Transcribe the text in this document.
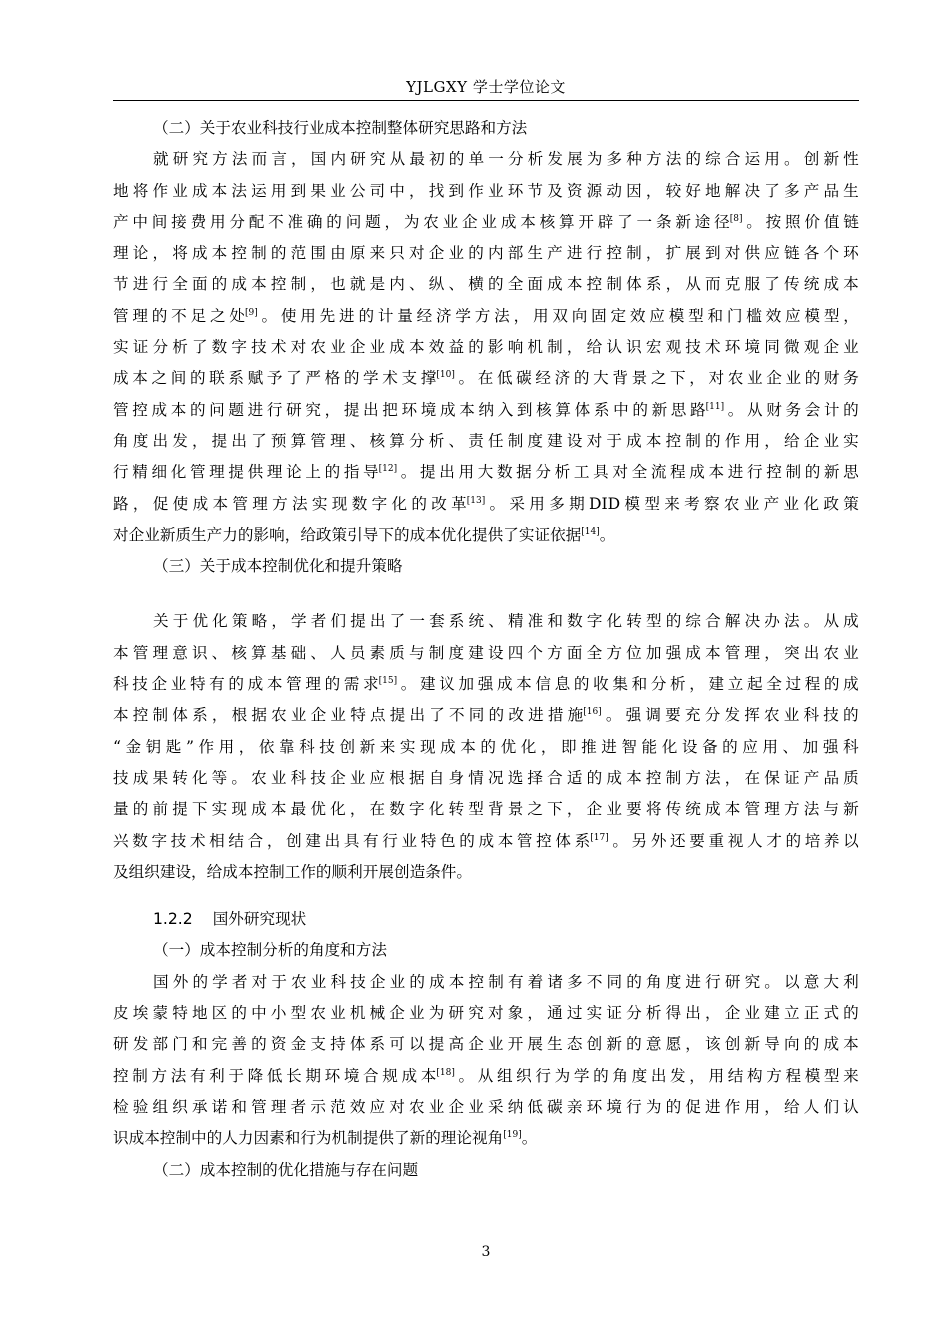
YJLGXY 学士学位论文
（二）关于农业科技行业成本控制整体研究思路和方法
就 研 究 方 法 而 言 ， 国 内 研 究 从 最 初 的 单 一 分 析 发 展 为 多 种 方 法 的 综 合 运 用 。 创 新 性
地 将 作 业 成 本 法 运 用 到 果 业 公 司 中 ， 找 到 作 业 环 节 及 资 源 动 因 ， 较 好 地 解 决 了 多 产 品 生
产 中 间 接 费 用 分 配 不 准 确 的 问 题 ， 为 农 业 企 业 成 本 核 算 开 辟 了 一 条 新 途 径[8] 。 按 照 价 值 链
理 论 ， 将 成 本 控 制 的 范 围 由 原 来 只 对 企 业 的 内 部 生 产 进 行 控 制 ， 扩 展 到 对 供 应 链 各 个 环
节 进 行 全 面 的 成 本 控 制 ， 也 就 是 内 、 纵 、 横 的 全 面 成 本 控 制 体 系 ， 从 而 克 服 了 传 统 成 本
管 理 的 不 足 之 处[9] 。 使 用 先 进 的 计 量 经 济 学 方 法 ， 用 双 向 固 定 效 应 模 型 和 门 槛 效 应 模 型 ，
实 证 分 析 了 数 字 技 术 对 农 业 企 业 成 本 效 益 的 影 响 机 制 ， 给 认 识 宏 观 技 术 环 境 同 微 观 企 业
成 本 之 间 的 联 系 赋 予 了 严 格 的 学 术 支 撑[10] 。 在 低 碳 经 济 的 大 背 景 之 下 ， 对 农 业 企 业 的 财 务
管 控 成 本 的 问 题 进 行 研 究 ， 提 出 把 环 境 成 本 纳 入 到 核 算 体 系 中 的 新 思 路[11] 。 从 财 务 会 计 的
角 度 出 发 ， 提 出 了 预 算 管 理 、 核 算 分 析 、 责 任 制 度 建 设 对 于 成 本 控 制 的 作 用 ， 给 企 业 实
行 精 细 化 管 理 提 供 理 论 上 的 指 导[12] 。 提 出 用 大 数 据 分 析 工 具 对 全 流 程 成 本 进 行 控 制 的 新 思
路 ， 促 使 成 本 管 理 方 法 实 现 数 字 化 的 改 革[13] 。 采 用 多 期 DID 模 型 来 考 察 农 业 产 业 化 政 策
对 企 业 新 质 生 产 力 的 影 响 ， 给 政 策 引 导 下 的 成 本 优 化 提 供 了 实 证 依 据[14] 。
（三）关于成本控制优化和提升策略
关 于 优 化 策 略 ， 学 者 们 提 出 了 一 套 系 统 、 精 准 和 数 字 化 转 型 的 综 合 解 决 办 法 。 从 成
本 管 理 意 识 、 核 算 基 础 、 人 员 素 质 与 制 度 建 设 四 个 方 面 全 方 位 加 强 成 本 管 理 ， 突 出 农 业
科 技 企 业 特 有 的 成 本 管 理 的 需 求[15] 。 建 议 加 强 成 本 信 息 的 收 集 和 分 析 ， 建 立 起 全 过 程 的 成
本 控 制 体 系 ， 根 据 农 业 企 业 特 点 提 出 了 不 同 的 改 进 措 施[16] 。 强 调 要 充 分 发 挥 农 业 科 技 的
“ 金 钥 匙 ” 作 用 ， 依 靠 科 技 创 新 来 实 现 成 本 的 优 化 ， 即 推 进 智 能 化 设 备 的 应 用 、 加 强 科
技 成 果 转 化 等 。 农 业 科 技 企 业 应 根 据 自 身 情 况 选 择 合 适 的 成 本 控 制 方 法 ， 在 保 证 产 品 质
量 的 前 提 下 实 现 成 本 最 优 化 ， 在 数 字 化 转 型 背 景 之 下 ， 企 业 要 将 传 统 成 本 管 理 方 法 与 新
兴 数 字 技 术 相 结 合 ， 创 建 出 具 有 行 业 特 色 的 成 本 管 控 体 系[17] 。 另 外 还 要 重 视 人 才 的 培 养 以
及 组 织 建 设 ， 给 成 本 控 制 工 作 的 顺 利 开 展 创 造 条 件 。
1.2.2 国外研究现状
（一）成本控制分析的角度和方法
国 外 的 学 者 对 于 农 业 科 技 企 业 的 成 本 控 制 有 着 诸 多 不 同 的 角 度 进 行 研 究 。 以 意 大 利
皮 埃 蒙 特 地 区 的 中 小 型 农 业 机 械 企 业 为 研 究 对 象 ， 通 过 实 证 分 析 得 出 ， 企 业 建 立 正 式 的
研 发 部 门 和 完 善 的 资 金 支 持 体 系 可 以 提 高 企 业 开 展 生 态 创 新 的 意 愿 ， 该 创 新 导 向 的 成 本
控 制 方 法 有 利 于 降 低 长 期 环 境 合 规 成 本[18] 。 从 组 织 行 为 学 的 角 度 出 发 ， 用 结 构 方 程 模 型 来
检 验 组 织 承 诺 和 管 理 者 示 范 效 应 对 农 业 企 业 采 纳 低 碳 亲 环 境 行 为 的 促 进 作 用 ， 给 人 们 认
识 成 本 控 制 中 的 人 力 因 素 和 行 为 机 制 提 供 了 新 的 理 论 视 角[19] 。
（二）成本控制的优化措施与存在问题
3
